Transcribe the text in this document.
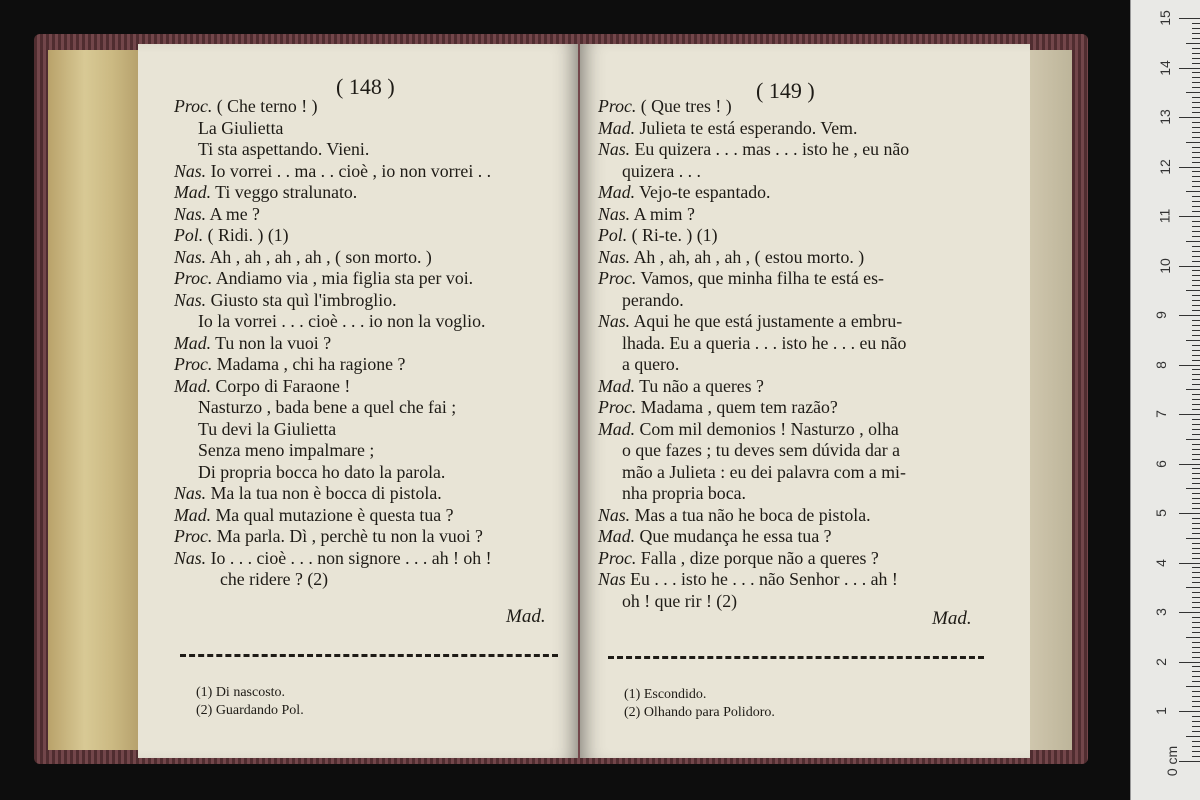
15
14
13
12
11
10
9
8
7
6
5
4
3
2
1
0 cm
( 148 )
Proc. ( Che terno ! )
La Giulietta
Ti sta aspettando. Vieni.
Nas. Io vorrei . . ma . . cioè , io non vorrei . .
Mad. Ti veggo stralunato.
Nas. A me ?
Pol. ( Ridi. ) (1)
Nas. Ah , ah , ah , ah , ( son morto. )
Proc. Andiamo via , mia figlia sta per voi.
Nas. Giusto sta quì l'imbroglio.
Io la vorrei . . . cioè . . . io non la voglio.
Mad. Tu non la vuoi ?
Proc. Madama , chi ha ragione ?
Mad. Corpo di Faraone !
Nasturzo , bada bene a quel che fai ;
Tu devi la Giulietta
Senza meno impalmare ;
Di propria bocca ho dato la parola.
Nas. Ma la tua non è bocca di pistola.
Mad. Ma qual mutazione è questa tua ?
Proc. Ma parla. Dì , perchè tu non la vuoi ?
Nas. Io . . . cioè . . . non signore . . . ah ! oh !
che ridere ? (2)
Mad.
(1) Di nascosto.
(2) Guardando Pol.
( 149 )
Proc. ( Que tres ! )
Mad. Julieta te está esperando. Vem.
Nas. Eu quizera . . . mas . . . isto he , eu não
quizera . . .
Mad. Vejo-te espantado.
Nas. A mim ?
Pol. ( Ri-te. ) (1)
Nas. Ah , ah, ah , ah , ( estou morto. )
Proc. Vamos, que minha filha te está es-
perando.
Nas. Aqui he que está justamente a embru-
lhada. Eu a queria . . . isto he . . . eu não
a quero.
Mad. Tu não a queres ?
Proc. Madama , quem tem razão?
Mad. Com mil demonios ! Nasturzo , olha
o que fazes ; tu deves sem dúvida dar a
mão a Julieta : eu dei palavra com a mi-
nha propria boca.
Nas. Mas a tua não he boca de pistola.
Mad. Que mudança he essa tua ?
Proc. Falla , dize porque não a queres ?
Nas Eu . . . isto he . . . não Senhor . . . ah !
oh ! que rir ! (2)
Mad.
(1) Escondido.
(2) Olhando para Polidoro.
